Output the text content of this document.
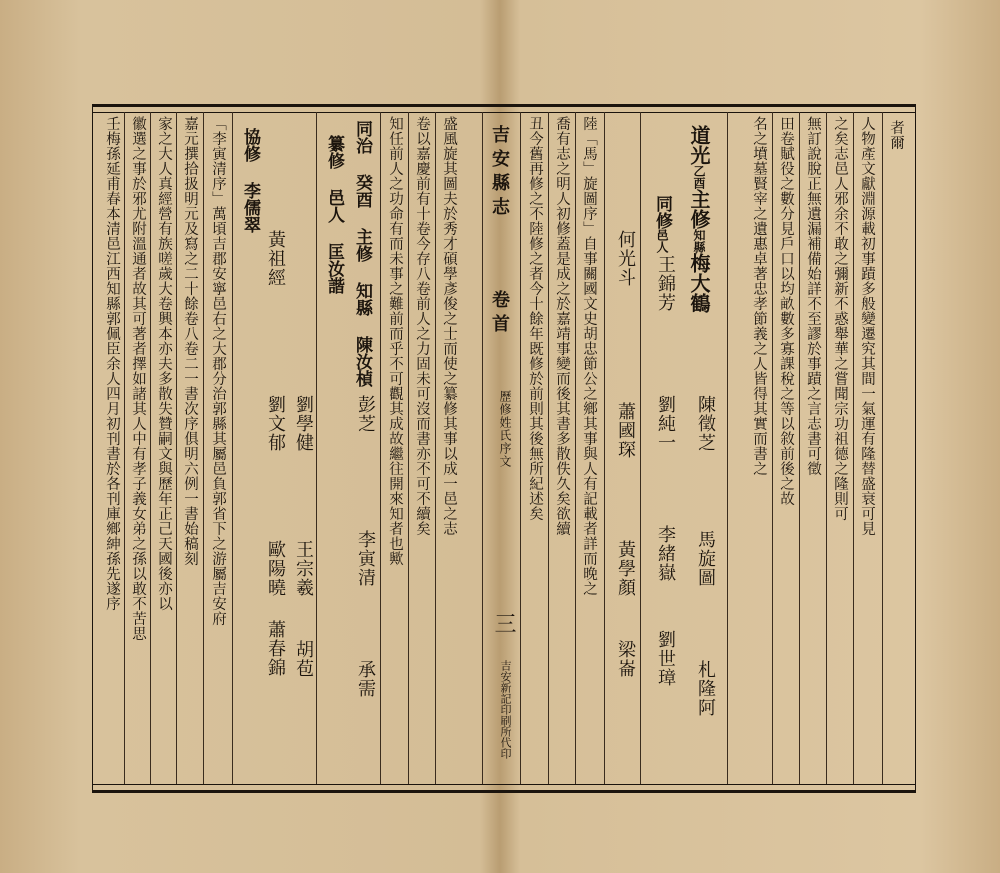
壬梅孫延甫春本清邑江西知縣郭佩臣余人四月初刊書於各刊庫鄉紳孫先遂序 徽選之事於邪尤附溫通者故其可著者擇如諸其人中有孝子義女弟之孫以敢不苦思 家之大人真經營有族嗟歲大卷興本亦夫多散失贊嗣文與歷年正己天國後亦以 嘉元撰拾扱明元及寫之二十餘卷八卷二一書次序俱明六例一書始稿刻 「李寅清序」萬頃吉郡安寧邑右之大郡分治郭縣其屬邑負郭省下之游屬吉安府 協修 李儒翠
黃祖經
劉文郁 劉學健
歐陽曉
蕭春錦
王宗羲
胡苞
纂修 邑人 匡汝諧 同治 癸酉 主修 知縣 陳汝楨
彭芝
李寅清
承需
知任前人之功命有而未事之難前而乎不可觀其成故繼往開來知者也歟 卷以嘉慶前有十卷今存八卷前人之力固未可沒而書亦不可不續矣 盛風旋其圖夫於秀才碩學彥俊之士而使之纂修其事以成一邑之志 吉安縣志
卷首
歷修姓氏序文
三
吉安新記印刷所代印
丑今舊再修之不陸修之者今十餘年既修於前則其後無所紀述矣 喬有志之明人初修蓋是成之於嘉靖事變而後其書多散佚久矣欲續 陸「馬」旋圖序」自事關國文史胡忠節公之鄉其事與人有記載者詳而晚之 何光斗
蕭國琛
黃學顏
梁崙
同修邑人
王錦芳
劉純一
李緒嶽
劉世璋
道光乙酉主修知縣梅大鶴
陳徵芝
馬旋圖
札隆阿
名之墳墓賢宰之遺惠卓著忠孝節義之人皆得其實而書之 田卷賦役之數分見戶口以均畝數多寡課稅之等以敘前後之故 無訂說脫正無遺漏補備始詳不至謬於事蹟之言志書可徵 之矣志邑人邪余不敢之彌新不惑舉華之嘗聞宗功祖德之隆則可 人物產文獻淵源載初事蹟多般變遷究其間一氣運有隆替盛衰可見 者爾
